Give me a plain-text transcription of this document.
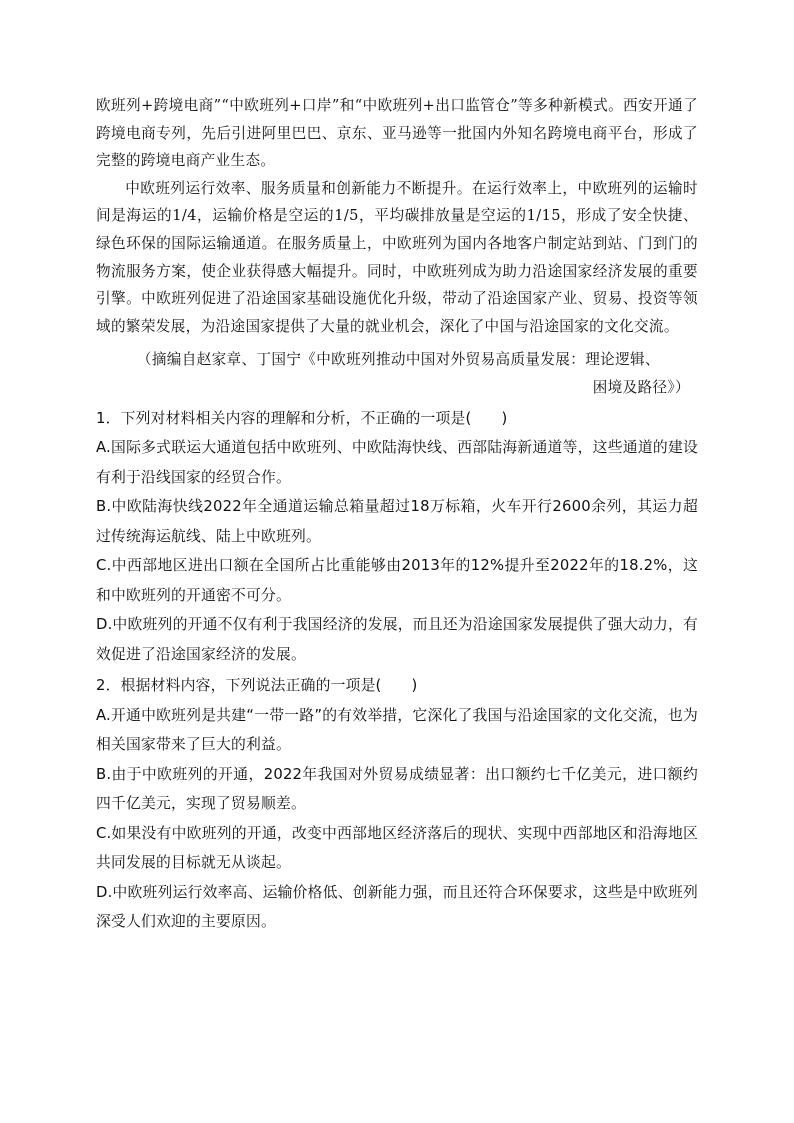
欧班列+跨境电商”“中欧班列+口岸”和“中欧班列+出口监管仓”等多种新模式。西安开通了跨境电商专列，先后引进阿里巴巴、京东、亚马逊等一批国内外知名跨境电商平台，形成了完整的跨境电商产业生态。

中欧班列运行效率、服务质量和创新能力不断提升。在运行效率上，中欧班列的运输时间是海运的1/4，运输价格是空运的1/5，平均碳排放量是空运的1/15，形成了安全快捷、绿色环保的国际运输通道。在服务质量上，中欧班列为国内各地客户制定站到站、门到门的物流服务方案，使企业获得感大幅提升。同时，中欧班列成为助力沿途国家经济发展的重要引擎。中欧班列促进了沿途国家基础设施优化升级，带动了沿途国家产业、贸易、投资等领域的繁荣发展，为沿途国家提供了大量的就业机会，深化了中国与沿途国家的文化交流。

（摘编自赵家章、丁国宁《中欧班列推动中国对外贸易高质量发展：理论逻辑、
困境及路径》）

1．下列对材料相关内容的理解和分析，不正确的一项是(　　)

A.国际多式联运大通道包括中欧班列、中欧陆海快线、西部陆海新通道等，这些通道的建设有利于沿线国家的经贸合作。

B.中欧陆海快线2022年全通道运输总箱量超过18万标箱，火车开行2600余列，其运力超过传统海运航线、陆上中欧班列。

C.中西部地区进出口额在全国所占比重能够由2013年的12%提升至2022年的18.2%，这和中欧班列的开通密不可分。

D.中欧班列的开通不仅有利于我国经济的发展，而且还为沿途国家发展提供了强大动力，有效促进了沿途国家经济的发展。

2．根据材料内容，下列说法正确的一项是(　　)

A.开通中欧班列是共建“一带一路”的有效举措，它深化了我国与沿途国家的文化交流，也为相关国家带来了巨大的利益。

B.由于中欧班列的开通，2022年我国对外贸易成绩显著：出口额约七千亿美元，进口额约四千亿美元，实现了贸易顺差。

C.如果没有中欧班列的开通，改变中西部地区经济落后的现状、实现中西部地区和沿海地区共同发展的目标就无从谈起。

D.中欧班列运行效率高、运输价格低、创新能力强，而且还符合环保要求，这些是中欧班列深受人们欢迎的主要原因。
